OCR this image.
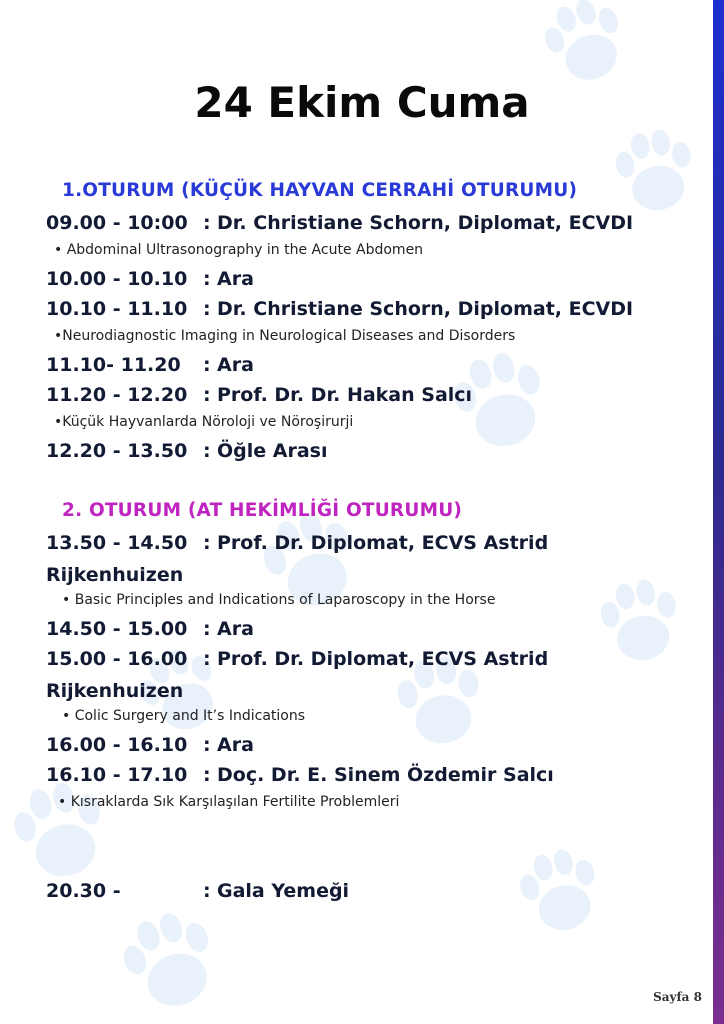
24 Ekim Cuma
1.OTURUM (KÜÇÜK HAYVAN CERRAHİ OTURUMU)
09.00 - 10:00 : Dr. Christiane Schorn, Diplomat, ECVDI
• Abdominal Ultrasonography in the Acute Abdomen
10.00 - 10.10 : Ara
10.10 - 11.10 : Dr. Christiane Schorn, Diplomat, ECVDI
•Neurodiagnostic Imaging in Neurological Diseases and Disorders
11.10- 11.20 : Ara
11.20 - 12.20 : Prof. Dr. Dr. Hakan Salcı
•Küçük Hayvanlarda Nöroloji ve Nöroşirurji
12.20 - 13.50 : Öğle Arası
2. OTURUM (AT HEKİMLİĞİ OTURUMU)
13.50 - 14.50 : Prof. Dr. Diplomat, ECVS Astrid
Rijkenhuizen
• Basic Principles and Indications of Laparoscopy in the Horse
14.50 - 15.00 : Ara
15.00 - 16.00 : Prof. Dr. Diplomat, ECVS Astrid
Rijkenhuizen
• Colic Surgery and It’s Indications
16.00 - 16.10 : Ara
16.10 - 17.10 : Doç. Dr. E. Sinem Özdemir Salcı
• Kısraklarda Sık Karşılaşılan Fertilite Problemleri
20.30 -	: Gala Yemeği
Sayfa 8
